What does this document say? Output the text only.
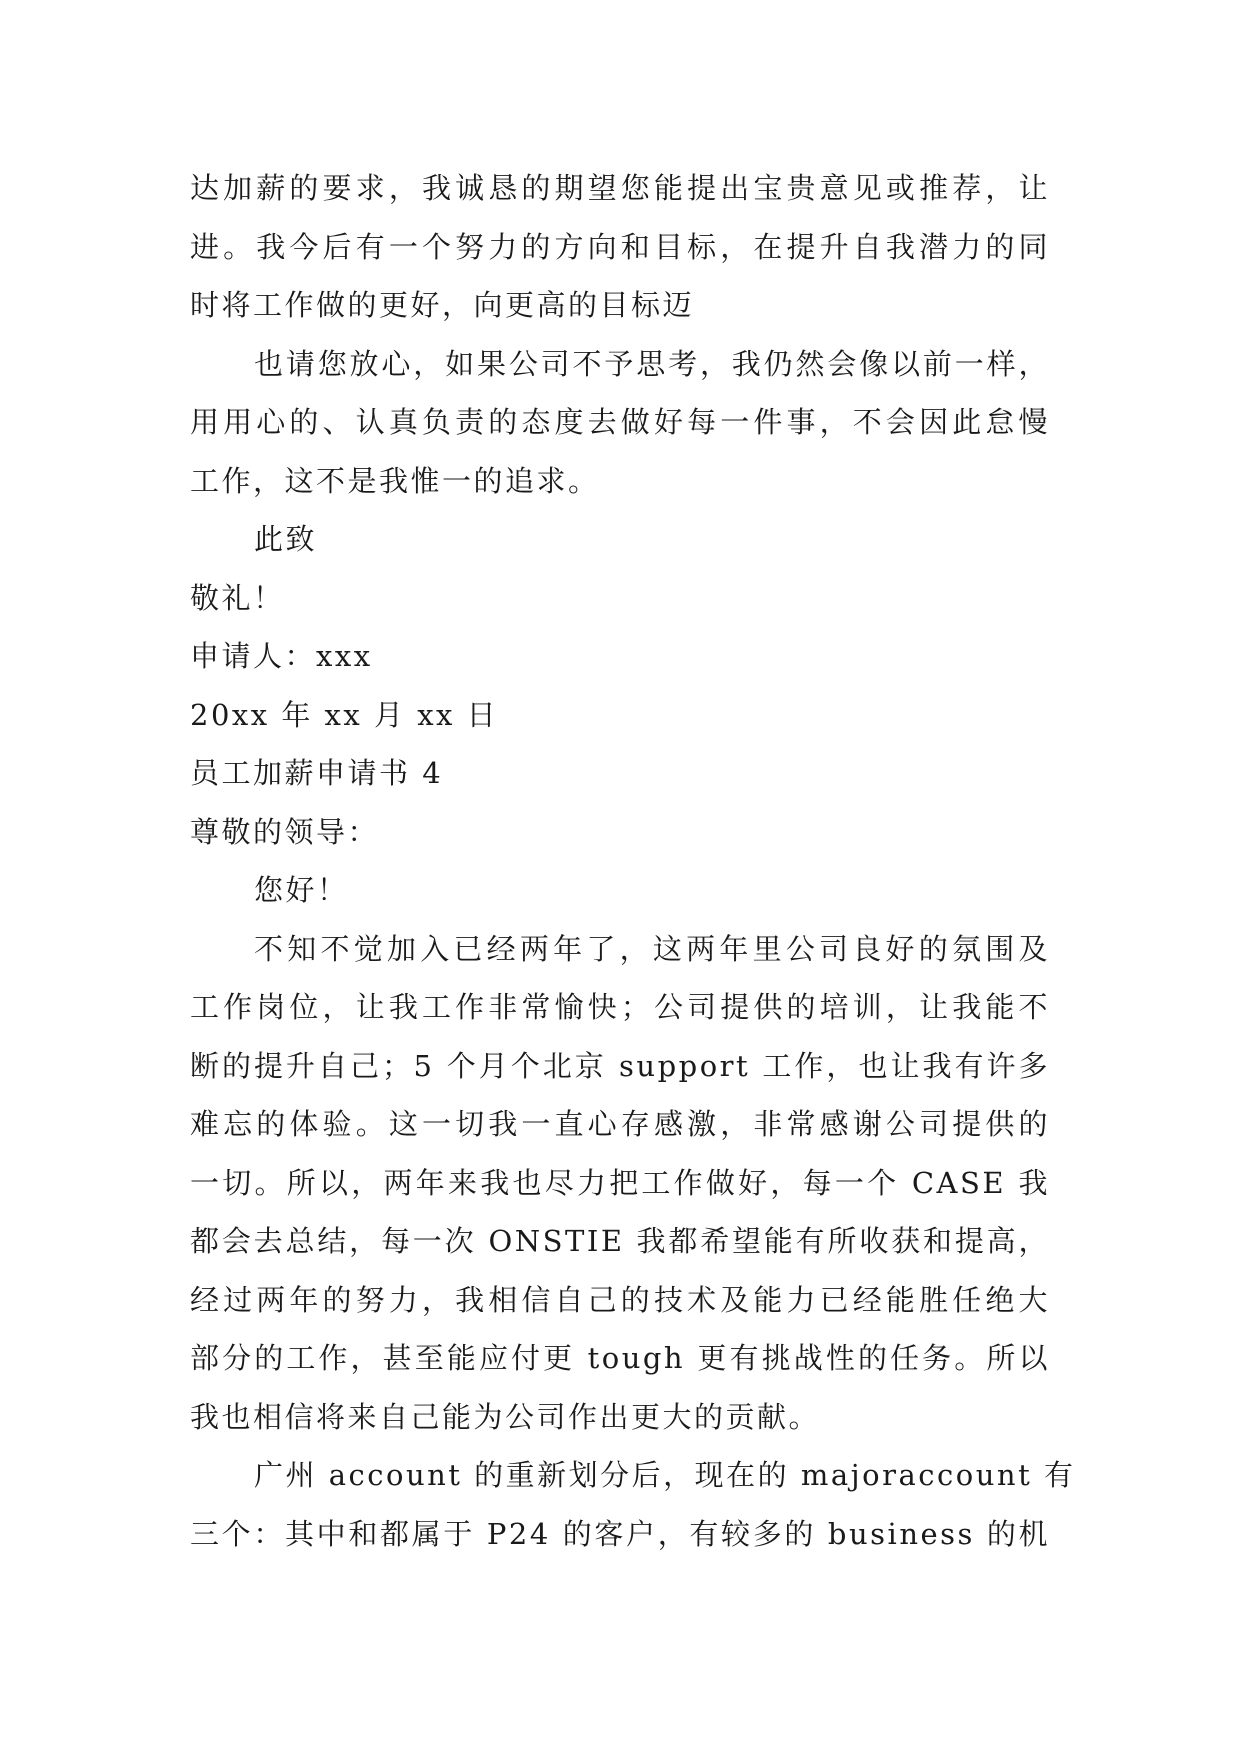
达加薪的要求，我诚恳的期望您能提出宝贵意见或推荐，让
进。我今后有一个努力的方向和目标，在提升自我潜力的同
时将工作做的更好，向更高的目标迈
也请您放心，如果公司不予思考，我仍然会像以前一样，
用用心的、认真负责的态度去做好每一件事，不会因此怠慢
工作，这不是我惟一的追求。
此致
敬礼！
申请人：xxx
20xx 年 xx 月 xx 日
员工加薪申请书 4
尊敬的领导：
您好！
不知不觉加入已经两年了，这两年里公司良好的氛围及
工作岗位，让我工作非常愉快；公司提供的培训，让我能不
断的提升自己；5 个月个北京 support 工作，也让我有许多
难忘的体验。这一切我一直心存感激，非常感谢公司提供的
一切。所以，两年来我也尽力把工作做好，每一个 CASE 我
都会去总结，每一次 ONSTIE 我都希望能有所收获和提高，
经过两年的努力，我相信自己的技术及能力已经能胜任绝大
部分的工作，甚至能应付更 tough 更有挑战性的任务。所以
我也相信将来自己能为公司作出更大的贡献。
广州 account 的重新划分后，现在的 majoraccount 有
三个：其中和都属于 P24 的客户，有较多的 business 的机
